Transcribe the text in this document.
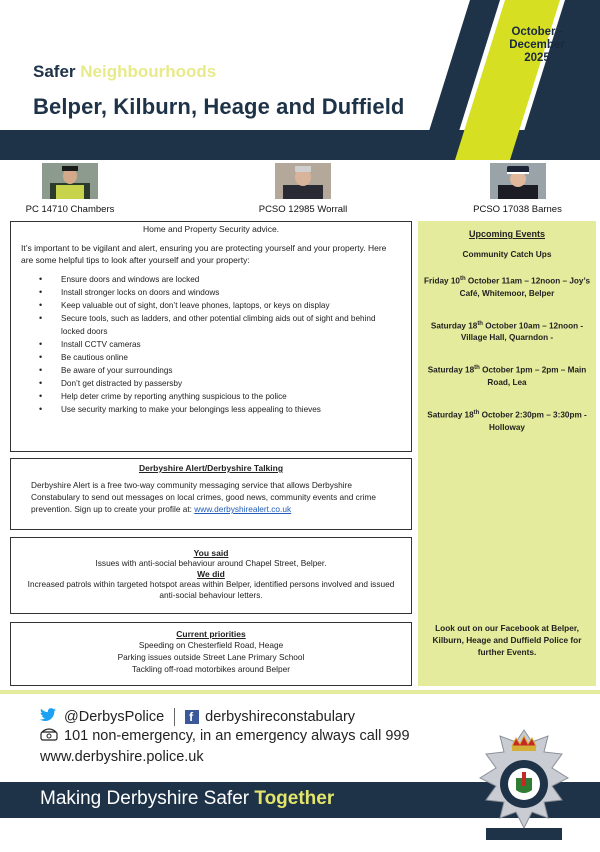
October - December 2025
Safer Neighbourhoods
Belper, Kilburn, Heage and Duffield
PC 14710 Chambers	PCSO 12985 Worrall	PCSO 17038 Barnes
Home and Property Security advice.
It’s important to be vigilant and alert, ensuring you are protecting yourself and your property. Here are some helpful tips to look after yourself and your property:
• Ensure doors and windows are locked
• Install stronger locks on doors and windows
• Keep valuable out of sight, don’t leave phones, laptops, or keys on display
• Secure tools, such as ladders, and other potential climbing aids out of sight and behind locked doors
• Install CCTV cameras
• Be cautious online
• Be aware of your surroundings
• Don’t get distracted by passersby
• Help deter crime by reporting anything suspicious to the police
• Use security marking to make your belongings less appealing to thieves
Derbyshire Alert/Derbyshire Talking
Derbyshire Alert is a free two-way community messaging service that allows Derbyshire Constabulary to send out messages on local crimes, good news, community events and crime prevention. Sign up to create your profile at: www.derbyshirealert.co.uk
You said
Issues with anti-social behaviour around Chapel Street, Belper.
We did
Increased patrols within targeted hotspot areas within Belper, identified persons involved and issued anti-social behaviour letters.
Current priorities
Speeding on Chesterfield Road, Heage
Parking issues outside Street Lane Primary School
Tackling off-road motorbikes around Belper
Upcoming Events
Community Catch Ups
Friday 10th October 11am – 12noon – Joy’s Café, Whitemoor, Belper
Saturday 18th October 10am – 12noon - Village Hall, Quarndon -
Saturday 18th October 1pm – 2pm – Main Road, Lea
Saturday 18th October 2:30pm – 3:30pm - Holloway
Look out on our Facebook at Belper, Kilburn, Heage and Duffield Police for further Events.
@DerbysPolice f derbyshireconstabulary
101 non-emergency, in an emergency always call 999
www.derbyshire.police.uk
Making Derbyshire Safer Together
